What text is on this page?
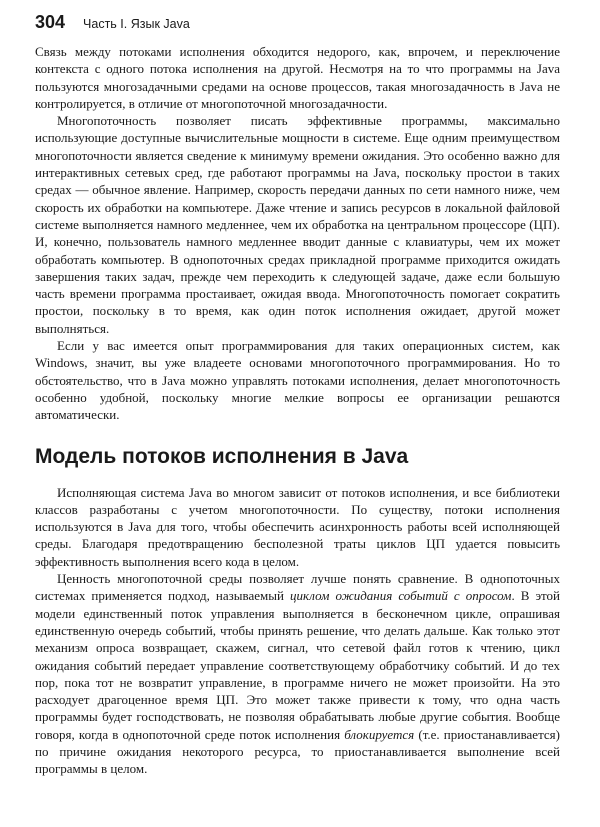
304 Часть I. Язык Java

Связь между потоками исполнения обходится недорого, как, впрочем, и переключение контекста с одного потока исполнения на другой. Несмотря на то что программы на Java пользуются многозадачными средами на основе процессов, такая многозадачность в Java не контролируется, в отличие от многопоточной многозадачности.

Многопоточность позволяет писать эффективные программы, максимально использующие доступные вычислительные мощности в системе. Еще одним преимуществом многопоточности является сведение к минимуму времени ожидания. Это особенно важно для интерактивных сетевых сред, где работают программы на Java, поскольку простои в таких средах — обычное явление. Например, скорость передачи данных по сети намного ниже, чем скорость их обработки на компьютере. Даже чтение и запись ресурсов в локальной файловой системе выполняется намного медленнее, чем их обработка на центральном процессоре (ЦП). И, конечно, пользователь намного медленнее вводит данные с клавиатуры, чем их может обработать компьютер. В однопоточных средах прикладной программе приходится ожидать завершения таких задач, прежде чем переходить к следующей задаче, даже если большую часть времени программа простаивает, ожидая ввода. Многопоточность помогает сократить простои, поскольку в то время, как один поток исполнения ожидает, другой может выполняться.

Если у вас имеется опыт программирования для таких операционных систем, как Windows, значит, вы уже владеете основами многопоточного программирования. Но то обстоятельство, что в Java можно управлять потоками исполнения, делает многопоточность особенно удобной, поскольку многие мелкие вопросы ее организации решаются автоматически.

Модель потоков исполнения в Java

Исполняющая система Java во многом зависит от потоков исполнения, и все библиотеки классов разработаны с учетом многопоточности. По существу, потоки исполнения используются в Java для того, чтобы обеспечить асинхронность работы всей исполняющей среды. Благодаря предотвращению бесполезной траты циклов ЦП удается повысить эффективность выполнения всего кода в целом.

Ценность многопоточной среды позволяет лучше понять сравнение. В однопоточных системах применяется подход, называемый циклом ожидания событий с опросом. В этой модели единственный поток управления выполняется в бесконечном цикле, опрашивая единственную очередь событий, чтобы принять решение, что делать дальше. Как только этот механизм опроса возвращает, скажем, сигнал, что сетевой файл готов к чтению, цикл ожидания событий передает управление соответствующему обработчику событий. И до тех пор, пока тот не возвратит управление, в программе ничего не может произойти. На это расходует драгоценное время ЦП. Это может также привести к тому, что одна часть программы будет господствовать, не позволяя обрабатывать любые другие события. Вообще говоря, когда в однопоточной среде поток исполнения блокируется (т.е. приостанавливается) по причине ожидания некоторого ресурса, то приостанавливается выполнение всей программы в целом.
